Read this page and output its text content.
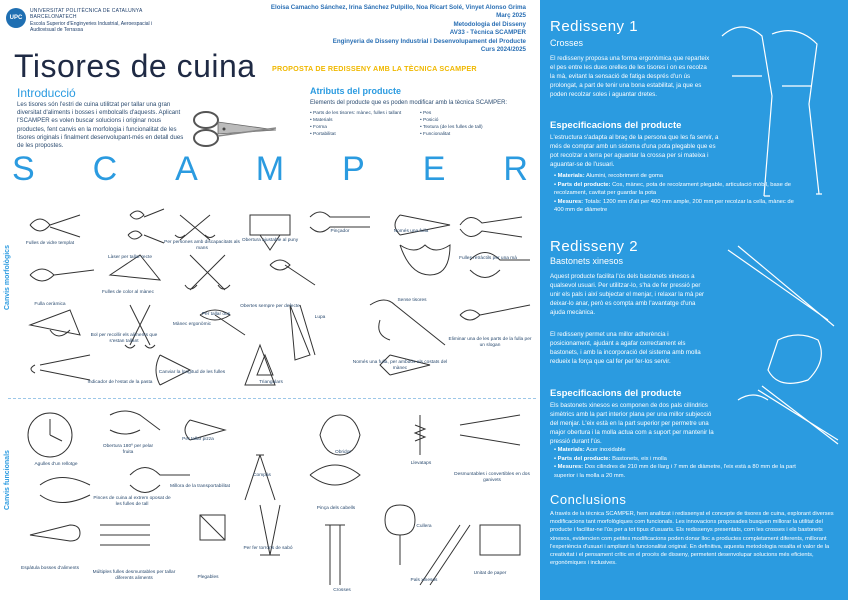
UPC
UNIVERSITAT POLITÈCNICA DE CATALUNYA BARCELONATECH
Escola Superior d'Enginyeries Industrial, Aeroespacial i Audiovisual de Terrassa
Eloisa Camacho Sánchez, Irina Sánchez Pulpillo, Noa Ricart Solé, Vinyet Alonso Grima
Març 2025
Metodologia del Disseny
AV33 - Tècnica SCAMPER
Enginyeria de Disseny Industrial i Desenvolupament del Producte
Curs 2024/2025
Tisores de cuina PROPOSTA DE REDISSENY AMB LA TÈCNICA SCAMPER
Introducció
Les tisores són l'estri de cuina utilitzat per tallar una gran diversitat d'aliments i bosses i embolcalls d'aquests. Aplicant l'SCAMPER es volen buscar solucions i originar nous productes, fent canvis en la morfologia i funcionalitat de les tisores originals i finalment desenvolupant-més en detall dues de les propostes.
Atributs del producte
Elements del producte que es poden modificar amb la tècnica SCAMPER:
• Parts de les tisores: mànec, fulles i tallant
• Materials
• Forma
• Portabilitat
• Pes
• Posició
• Textura (de les fulles de tall)
• Funcionalitat
S C A M P E R
Canvis morfològics
Canvis funcionals
Fulles de vidre templat
Làser per tallar recte
Per persones amb discapacitats als mans
Obertura ajustable al puny
Pinçador	Només una fulla
Fulla ceràmica
Per tallar ous
Fulles de color al mànec
Obertes sempre per defecte
Sense tisores
Fulles retràctils per una mà
Bol per recollir els aliments que s'estan tallant
Mànec ergonòmic
Lupa
Eliminar una de les parts de la fulla per un slogan
Indicador de l'estat de la pasta
Canviar la longitud de les fulles
Triangulars
Només una fulla, per ambdós els costats del mànec
Agulles d'un rellotge
Obertura 180º per pelar fruita
Per tallar pizza
Obridor
Llevataps
Pinces de cuina al extrem oposat de les fulles de tall
Millora de la transportabilitat
Compàs
Pinça dels cabells
Desmuntables i convertibles en dos ganivets
Espàtula bosses d'aliments
Múltiples fulles desmuntables per tallar diferents aliments	Plegables
Per fer torrons de sabó
Cullera
Pals xinesos
Unitat de paper
Crosses
Redisseny 1
Crosses
El redisseny proposa una forma ergonòmica que reparteix el pes entre les dues orelles de les tisores i on es recolza la mà, evitant la sensació de fatiga després d'un ús prolongat, a part de tenir una bona estabilitat, ja que es poden recolzar soles i aguantar dretes.
Especificacions del producte
L'estructura s'adapta al braç de la persona que les fa servir, a més de comptar amb un sistema d'una pota plegable que es pot recolzar a terra per aguantar la crossa per si mateixa i aguantar-se de l'usuari.
• Materials: Alumini, recobriment de goma
• Parts del producte: Cos, mànec, pota de recolzament plegable, articulació mòbil, base de recolzament, cavitat per guardar la pota
• Mesures: Totals: 1200 mm d'alt per 400 mm ample, 200 mm per recolzar la cella, mànec de 400 mm de diàmetre
Redisseny 2
Bastonets xinesos
Aquest producte facilita l'ús dels bastonets xinesos a qualsevol usuari. Per utilitzar-lo, s'ha de fer pressió per unir els pals i així subjectar el menjar, i relaxar la mà per deixar-lo anar, però es compta amb l'avantatge d'una ajuda mecànica.
El redisseny permet una millor adherència i posicionament, ajudant a agafar correctament els bastonets, i amb la incorporació del sistema amb molla redueix la força que cal fer per fer-los servir.
Especificacions del producte
Els bastonets xinesos es componen de dos pals cilíndrics simètrics amb la part interior plana per una millor subjecció del menjar. L'eix està en la part superior per permetre una major obertura i la molla actua com a suport per mantenir la pressió durant l'ús.
• Materials: Acer inoxidable
• Parts del producte: Bastonets, eix i molla
• Mesures: Dos cilindres de 210 mm de llarg i 7 mm de diàmetre, l'eix està a 80 mm de la part superior i la molla a 20 mm.
Conclusions
A través de la tècnica SCAMPER, hem analitzat i redissenyat el concepte de tisores de cuina, explorant diverses modificacions tant morfològiques com funcionals. Les innovacions proposades busquen millorar la utilitat del producte i facilitar-ne l'ús per a tot tipus d'usuaris. Els redissenys presentats, com les crosses i els bastonets xinesos, evidencien com petites modificacions poden donar lloc a productes completament diferents, millorant l'experiència d'usuari i ampliant la funcionalitat original. En definitiva, aquesta metodologia resalta el valor de la creativitat i el pensament crític en el procés de disseny, permetent desenvolupar solucions més eficients, ergonòmiques i inclusives.
